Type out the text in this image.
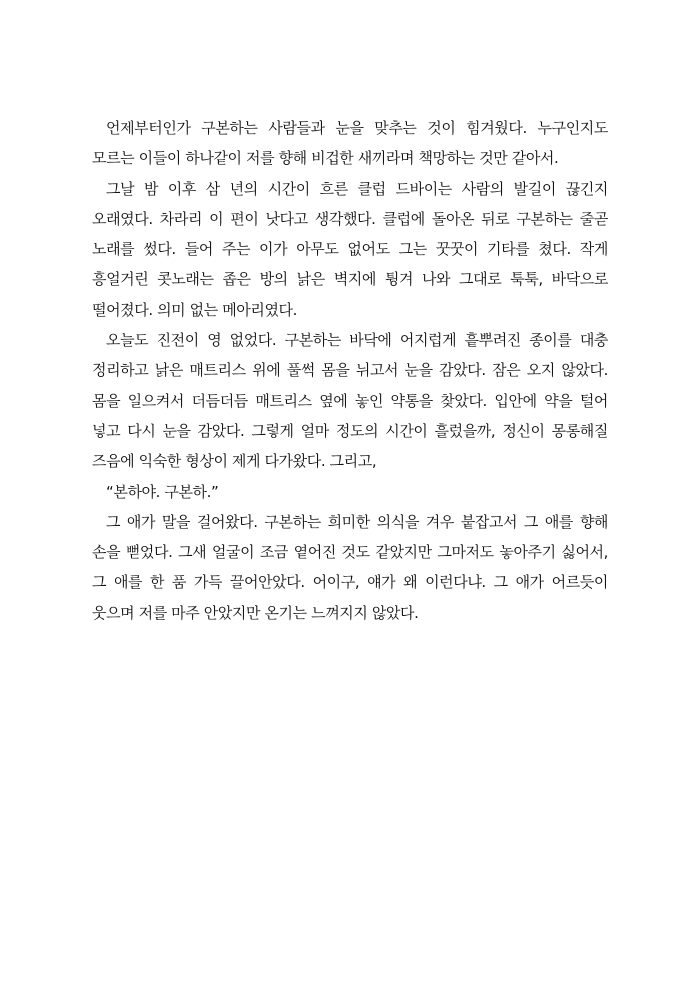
언제부터인가 구본하는 사람들과 눈을 맞추는 것이 힘겨웠다. 누구인지도 모르는 이들이 하나같이 저를 향해 비겁한 새끼라며 책망하는 것만 같아서.

그날 밤 이후 삼 년의 시간이 흐른 클럽 드바이는 사람의 발길이 끊긴지 오래였다. 차라리 이 편이 낫다고 생각했다. 클럽에 돌아온 뒤로 구본하는 줄곧 노래를 썼다. 들어 주는 이가 아무도 없어도 그는 꿋꿋이 기타를 쳤다. 작게 흥얼거린 콧노래는 좁은 방의 낡은 벽지에 튕겨 나와 그대로 툭툭, 바닥으로 떨어졌다. 의미 없는 메아리였다.

오늘도 진전이 영 없었다. 구본하는 바닥에 어지럽게 흩뿌려진 종이를 대충 정리하고 낡은 매트리스 위에 풀썩 몸을 뉘고서 눈을 감았다. 잠은 오지 않았다. 몸을 일으켜서 더듬더듬 매트리스 옆에 놓인 약통을 찾았다. 입안에 약을 털어 넣고 다시 눈을 감았다. 그렇게 얼마 정도의 시간이 흘렀을까, 정신이 몽롱해질 즈음에 익숙한 형상이 제게 다가왔다. 그리고,

“본하야. 구본하.”

그 애가 말을 걸어왔다. 구본하는 희미한 의식을 겨우 붙잡고서 그 애를 향해 손을 뻗었다. 그새 얼굴이 조금 옅어진 것도 같았지만 그마저도 놓아주기 싫어서, 그 애를 한 품 가득 끌어안았다. 어이구, 얘가 왜 이런다냐. 그 애가 어르듯이 웃으며 저를 마주 안았지만 온기는 느껴지지 않았다.
